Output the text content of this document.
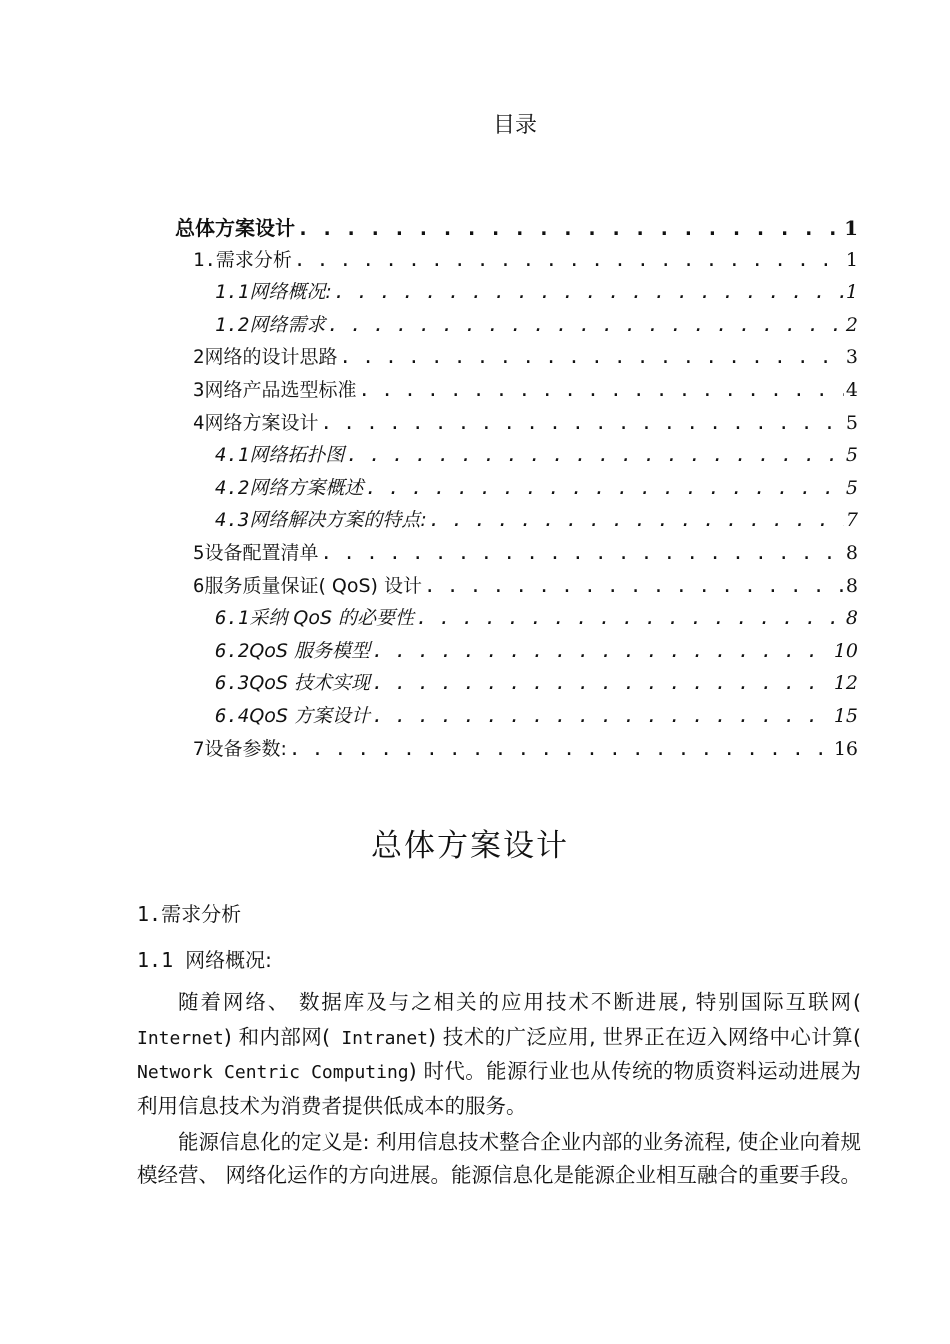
目录
总体方案设计 . . .	1
1. 需求分析 . . .	1
1.1 网络概况: . . .	1
1.2 网络需求 . . .	2
2 网络的设计思路 . . .	3
3 网络产品选型标准 . . .	4
4 网络方案设计 . . .	5
4.1 网络拓扑图 . . .	5
4.2 网络方案概述 . . .	5
4.3 网络解决方案的特点: . . .	7
5 设备配置清单 . . .	8
6 服务质量保证( QoS) 设计 . . .	8
6.1 采纳 QoS 的必要性 . . .	8
6.2 QoS 服务模型 . . .	10
6.3 QoS 技术实现 . . .	12
6.4 QoS 方案设计 . . .	15
7 设备参数: . . .	16
总体方案设计
1.需求分析
1.1 网络概况:
随着网络、 数据库及与之相关的应用技术不断进展, 特别国际互联网( Internet) 和内部网( Intranet) 技术的广泛应用, 世界正在迈入网络中心计算( Network Centric Computing) 时代。能源行业也从传统的物质资料运动进展为利用信息技术为消费者提供低成本的服务。
能源信息化的定义是: 利用信息技术整合企业内部的业务流程, 使企业向着规模经营、 网络化运作的方向进展。能源信息化是能源企业相互融合的重要手段。
